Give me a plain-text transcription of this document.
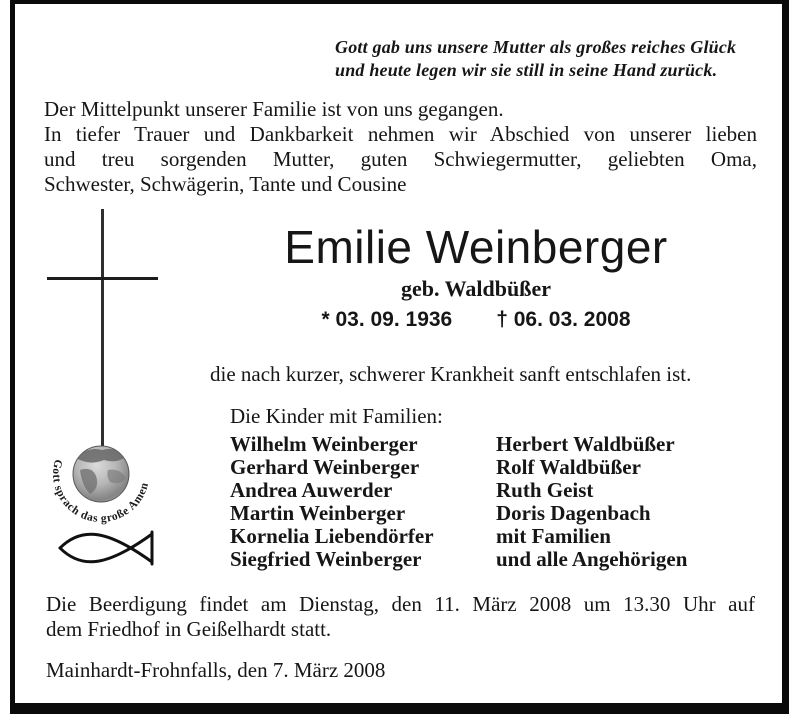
Gott gab uns unsere Mutter als großes reiches Glück
und heute legen wir sie still in seine Hand zurück.
Der Mittelpunkt unserer Familie ist von uns gegangen.
In tiefer Trauer und Dankbarkeit nehmen wir Abschied von unserer lieben
und treu sorgenden Mutter, guten Schwiegermutter, geliebten Oma,
Schwester, Schwägerin, Tante und Cousine
Gott sprach das große Amen
Emilie Weinberger
geb. Waldbüßer
* 03. 09. 1936 † 06. 03. 2008
die nach kurzer, schwerer Krankheit sanft entschlafen ist.
Die Kinder mit Familien:
Wilhelm Weinberger	Herbert Waldbüßer
Gerhard Weinberger	Rolf Waldbüßer
Andrea Auwerder	Ruth Geist
Martin Weinberger	Doris Dagenbach
Kornelia Liebendörfer	mit Familien
Siegfried Weinberger	und alle Angehörigen
Die Beerdigung findet am Dienstag, den 11. März 2008 um 13.30 Uhr auf
dem Friedhof in Geißelhardt statt.
Mainhardt-Frohnfalls, den 7. März 2008
